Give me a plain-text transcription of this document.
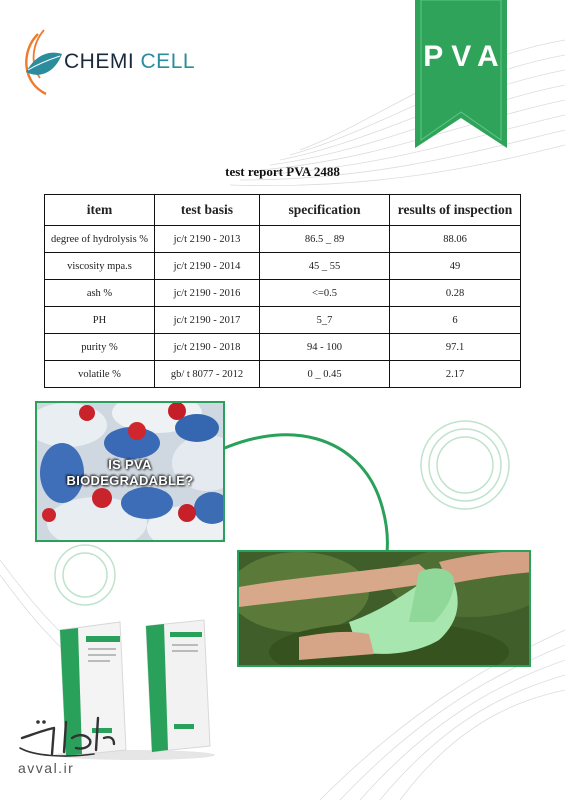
CHEMI CELL	PVA
test report PVA 2488
item	test basis	specification	results of inspection
degree of hydrolysis %	jc/t 2190 - 2013	86.5 _ 89	88.06
viscosity mpa.s	jc/t 2190 - 2014	45 _ 55	49
ash %	jc/t 2190 - 2016	<=0.5	0.28
PH	jc/t 2190 - 2017	5_7	6
purity %	jc/t 2190 - 2018	94 - 100	97.1
volatile %	gb/ t 8077 - 2012	0 _ 0.45	2.17
IS PVA
BIODEGRADABLE?
avval.ir
